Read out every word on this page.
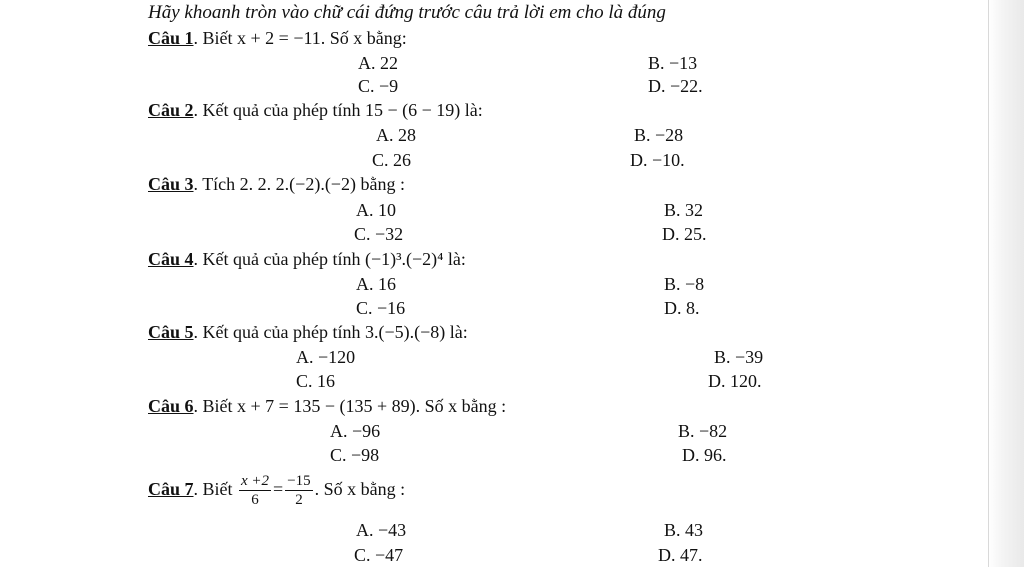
Hãy khoanh tròn vào chữ cái đứng trước câu trả lời em cho là đúng
Câu 1. Biết x + 2 = −11. Số x bằng:
A. 22	B. −13
C. −9	D. −22.
Câu 2. Kết quả của phép tính 15 − (6 − 19) là:
A. 28	B. −28
C. 26	D. −10.
Câu 3. Tích 2. 2. 2.(−2).(−2) bằng :
A. 10	B. 32
C. −32	D. 25.
Câu 4. Kết quả của phép tính (−1)³.(−2)⁴ là:
A. 16	B. −8
C. −16	D. 8.
Câu 5. Kết quả của phép tính 3.(−5).(−8) là:
A. −120	B. −39
C. 16	D. 120.
Câu 6. Biết x + 7 = 135 − (135 + 89). Số x bằng :
A. −96	B. −82
C. −98	D. 96.
Câu 7. Biết $\frac{x +2}{6} = \frac{-15}{2}$ . Số x bằng :
A. −43	B. 43
C. −47	D. 47.
